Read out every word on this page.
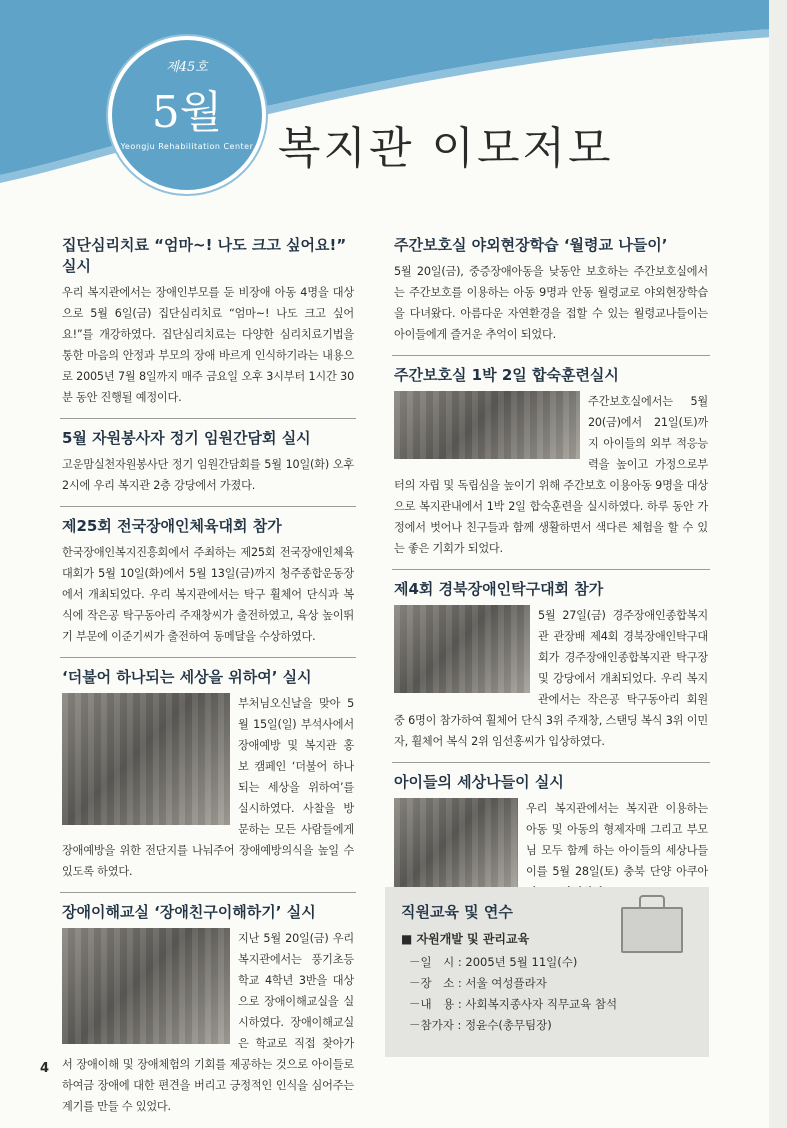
▪▪▪▪▪▪▪
제45호
5월
Yeongju Rehabilitation Center 복지관 이모저모

집단심리치료 “엄마~! 나도 크고 싶어요!” 실시

우리 복지관에서는 장애인부모를 둔 비장애 아동 4명을 대상으로 5월 6일(금) 집단심리치료 “엄마~! 나도 크고 싶어요!”를 개강하였다. 집단심리치료는 다양한 심리치료기법을 통한 마음의 안정과 부모의 장애 바르게 인식하기라는 내용으로 2005년 7월 8일까지 매주 금요일 오후 3시부터 1시간 30분 동안 진행될 예정이다.

5월 자원봉사자 정기 임원간담회 실시

고운맘실천자원봉사단 정기 임원간담회를 5월 10일(화) 오후 2시에 우리 복지관 2층 강당에서 가졌다.

제25회 전국장애인체육대회 참가

한국장애인복지진흥회에서 주최하는 제25회 전국장애인체육대회가 5월 10일(화)에서 5월 13일(금)까지 청주종합운동장에서 개최되었다. 우리 복지관에서는 탁구 휠체어 단식과 복식에 작은공 탁구동아리 주재창씨가 출전하였고, 육상 높이뛰기 부문에 이준기씨가 출전하여 동메달을 수상하였다.

‘더불어 하나되는 세상을 위하여’ 실시

부처님오신날을 맞아 5월 15일(일) 부석사에서 장애예방 및 복지관 홍보 캠페인 ‘더불어 하나되는 세상을 위하여’를 실시하였다. 사찰을 방문하는 모든 사람들에게 장애예방을 위한 전단지를 나눠주어 장애예방의식을 높일 수 있도록 하였다.

장애이해교실 ‘장애친구이해하기’ 실시

지난 5월 20일(금) 우리 복지관에서는 풍기초등학교 4학년 3반을 대상으로 장애이해교실을 실시하였다. 장애이해교실은 학교로 직접 찾아가서 장애이해 및 장애체험의 기회를 제공하는 것으로 아이들로 하여금 장애에 대한 편견을 버리고 긍정적인 인식을 심어주는 계기를 만들 수 있었다.

주간보호실 야외현장학습 ‘월령교 나들이’

5월 20일(금), 중증장애아동을 낮동안 보호하는 주간보호실에서는 주간보호를 이용하는 아동 9명과 안동 월령교로 야외현장학습을 다녀왔다. 아름다운 자연환경을 접할 수 있는 월령교나들이는 아이들에게 즐거운 추억이 되었다.

주간보호실 1박 2일 합숙훈련실시

주간보호실에서는 5월 20(금)에서 21일(토)까지 아이들의 외부 적응능력을 높이고 가정으로부터의 자립 및 독립심을 높이기 위해 주간보호 이용아동 9명을 대상으로 복지관내에서 1박 2일 합숙훈련을 실시하였다. 하루 동안 가정에서 벗어나 친구들과 함께 생활하면서 색다른 체험을 할 수 있는 좋은 기회가 되었다.

제4회 경북장애인탁구대회 참가

5월 27일(금) 경주장애인종합복지관 관장배 제4회 경북장애인탁구대회가 경주장애인종합복지관 탁구장 및 강당에서 개최되었다. 우리 복지관에서는 작은공 탁구동아리 회원 중 6명이 참가하여 휠체어 단식 3위 주재창, 스탠딩 복식 3위 이민자, 휠체어 복식 2위 임선홍씨가 입상하였다.

아이들의 세상나들이 실시

우리 복지관에서는 복지관 이용하는 아동 및 아동의 형제자매 그리고 부모님 모두 함께 하는 아이들의 세상나들이를 5월 28일(토) 충북 단양 아쿠아

직원교육 및 연수

■ 자원개발 및 관리교육

－일　시 : 2005년 5월 11일(수)

－장　소 : 서울 여성플라자

－내　용 : 사회복지종사자 직무교육 참석

－참가자 : 정윤수(총무팀장)

4
